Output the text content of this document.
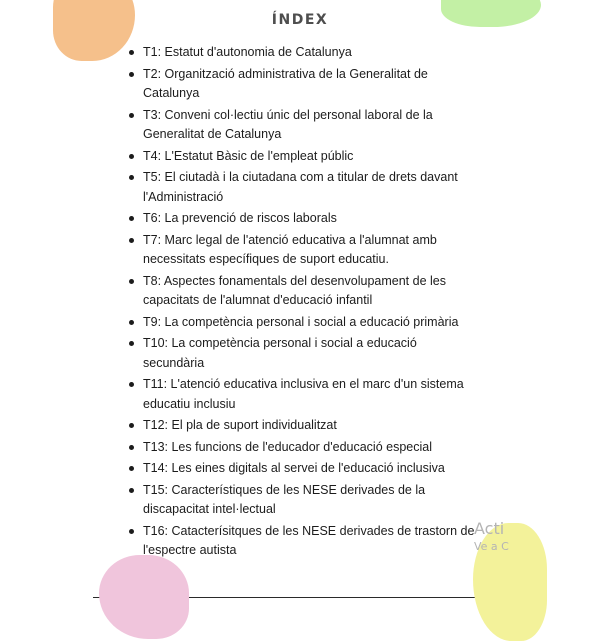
ÍNDEX
T1: Estatut d'autonomia de Catalunya
T2: Organització administrativa de la Generalitat de Catalunya
T3: Conveni col·lectiu únic del personal laboral de la Generalitat de Catalunya
T4: L'Estatut Bàsic de l'empleat públic
T5: El ciutadà i la ciutadana com a titular de drets davant l'Administració
T6: La prevenció de riscos laborals
T7: Marc legal de l'atenció educativa a l'alumnat amb necessitats específiques de suport educatiu.
T8: Aspectes fonamentals del desenvolupament de les capacitats de l'alumnat d'educació infantil
T9: La competència personal i social a educació primària
T10: La competència personal i social a educació secundària
T11: L'atenció educativa inclusiva en el marc d'un sistema educatiu inclusiu
T12: El pla de suport individualitzat
T13: Les funcions de l'educador d'educació especial
T14: Les eines digitals al servei de l'educació inclusiva
T15: Característiques de les NESE derivades de la discapacitat intel·lectual
T16: Catacterísitques de les NESE derivades de trastorn de l'espectre autista
Acti
Ve a C
